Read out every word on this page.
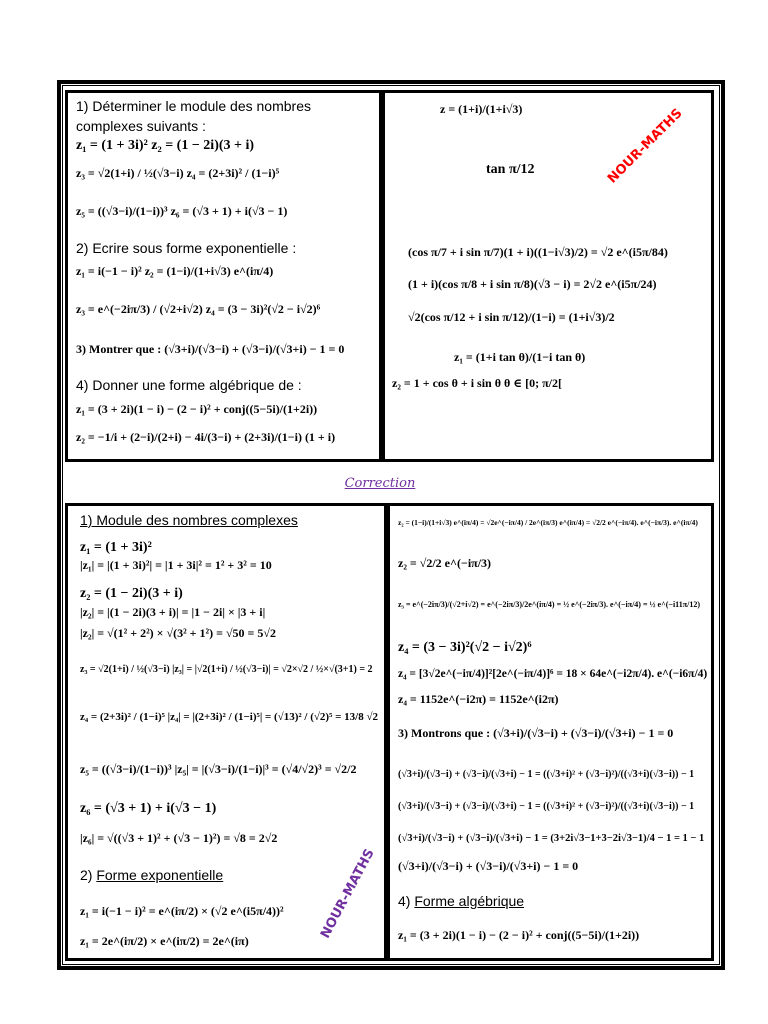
1) Déterminer le module des nombres
complexes suivants :
z₁ = (1 + 3i)² z₂ = (1 − 2i)(3 + i)
z₃ = √2(1+i) / ½(√3−i) z₄ = (2+3i)² / (1−i)⁵
z₅ = ((√3−i)/(1−i))³ z₆ = (√3 + 1) + i(√3 − 1)
2) Ecrire sous forme exponentielle :
z₁ = i(−1 − i)² z₂ = (1−i)/(1+i√3) e^(iπ/4)
z₃ = e^(−2iπ/3) / (√2+i√2) z₄ = (3 − 3i)²(√2 − i√2)⁶
3) Montrer que : (√3+i)/(√3−i) + (√3−i)/(√3+i) − 1 = 0
4) Donner une forme algébrique de :
z₁ = (3 + 2i)(1 − i) − (2 − i)² + conj((5−5i)/(1+2i))
z₂ = −1/i + (2−i)/(2+i) − 4i/(3−i) + (2+3i)/(1−i) (1 + i)
z = (1+i)/(1+i√3)
tan π/12
(cos π/7 + i sin π/7)(1 + i)((1−i√3)/2) = √2 e^(i5π/84)
(1 + i)(cos π/8 + i sin π/8)(√3 − i) = 2√2 e^(i5π/24)
√2(cos π/12 + i sin π/12)/(1−i) = (1+i√3)/2
z₁ = (1+i tan θ)/(1−i tan θ)
z₂ = 1 + cos θ + i sin θ θ ∈ [0; π/2[
NOUR-MATHS
Correction
1) Module des nombres complexes
z₁ = (1 + 3i)²
|z₁| = |(1 + 3i)²| = |1 + 3i|² = 1² + 3² = 10
z₂ = (1 − 2i)(3 + i)
|z₂| = |(1 − 2i)(3 + i)| = |1 − 2i| × |3 + i|
|z₂| = √(1² + 2²) × √(3² + 1²) = √50 = 5√2
z₃ = √2(1+i) / ½(√3−i) |z₃| = |√2(1+i) / ½(√3−i)| = √2×√2 / ½×√(3+1) = 2
z₄ = (2+3i)² / (1−i)⁵ |z₄| = |(2+3i)² / (1−i)⁵| = (√13)² / (√2)⁵ = 13/8 √2
z₅ = ((√3−i)/(1−i))³ |z₅| = |(√3−i)/(1−i)|³ = (√4/√2)³ = √2/2
z₆ = (√3 + 1) + i(√3 − 1)
|z₆| = √((√3 + 1)² + (√3 − 1)²) = √8 = 2√2
2) Forme exponentielle
z₁ = i(−1 − i)² = e^(iπ/2) × (√2 e^(i5π/4))²
z₁ = 2e^(iπ/2) × e^(iπ/2) = 2e^(iπ)	NOUR-MATHS
z₂ = (1−i)/(1+i√3) e^(iπ/4) = √2e^(−iπ/4) / 2e^(iπ/3) e^(iπ/4) = √2/2 e^(−iπ/4). e^(−iπ/3). e^(iπ/4)
z₂ = √2/2 e^(−iπ/3)
z₃ = e^(−2iπ/3)/(√2+i√2) = e^(−2iπ/3)/2e^(iπ/4) = ½ e^(−2iπ/3). e^(−iπ/4) = ½ e^(−i11π/12)
z₄ = (3 − 3i)²(√2 − i√2)⁶
z₄ = [3√2e^(−iπ/4)]²[2e^(−iπ/4)]⁶ = 18 × 64e^(−i2π/4). e^(−i6π/4)
z₄ = 1152e^(−i2π) = 1152e^(i2π)
3) Montrons que : (√3+i)/(√3−i) + (√3−i)/(√3+i) − 1 = 0
(√3+i)/(√3−i) + (√3−i)/(√3+i) − 1 = ((√3+i)² + (√3−i)²)/((√3+i)(√3−i)) − 1
(√3+i)/(√3−i) + (√3−i)/(√3+i) − 1 = ((√3+i)² + (√3−i)²)/((√3+i)(√3−i)) − 1
(√3+i)/(√3−i) + (√3−i)/(√3+i) − 1 = (3+2i√3−1+3−2i√3−1)/4 − 1 = 1 − 1
(√3+i)/(√3−i) + (√3−i)/(√3+i) − 1 = 0
4) Forme algébrique
z₁ = (3 + 2i)(1 − i) − (2 − i)² + conj((5−5i)/(1+2i))
